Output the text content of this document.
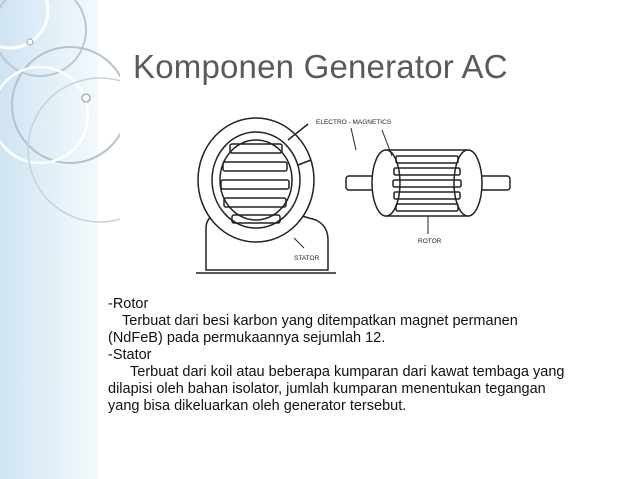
Komponen Generator AC
ELECTRO - MAGNETICS
ROTOR
STATOR

-Rotor

Terbuat dari besi karbon yang ditempatkan magnet permanen

(NdFeB) pada permukaannya sejumlah 12.

-Stator

Terbuat dari koil atau beberapa kumparan dari kawat tembaga yang

dilapisi oleh bahan isolator, jumlah kumparan menentukan tegangan

yang bisa dikeluarkan oleh generator tersebut.
